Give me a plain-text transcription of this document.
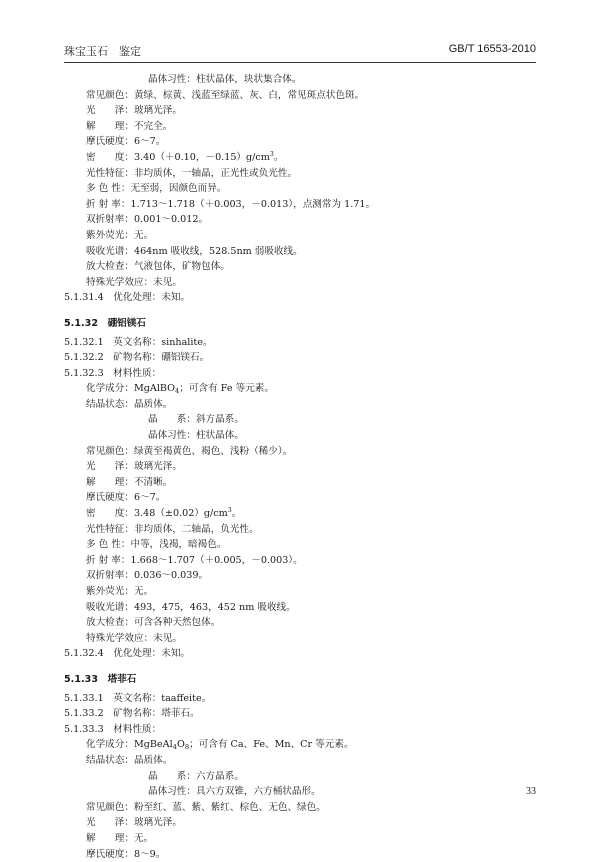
珠宝玉石　鉴定	GB/T 16553-2010
晶体习性：柱状晶体，块状集合体。
常见颜色：黄绿、棕黄、浅蓝至绿蓝、灰、白，常见斑点状色斑。
光　　泽：玻璃光泽。
解　　理：不完全。
摩氏硬度：6～7。
密　　度：3.40（＋0.10，$-0.15)g/cm^3$。
光性特征：非均质体，一轴晶，正光性或负光性。
多 色 性：无至弱，因颜色而异。
折 射 率：1.713～1.718（＋0.003，－0.013），点测常为 1.71。
双折射率：0.001～0.012。
紫外荧光：无。
吸收光谱：464nm 吸收线，528.5nm 弱吸收线。
放大检查：气液包体，矿物包体。
特殊光学效应：未见。
5.1.31.4　优化处理：未知。
5.1.32　硼铝镁石
5.1.32.1　英文名称：sinhalite。
5.1.32.2　矿物名称：硼铝镁石。
5.1.32.3　材料性质：
化学成分：MgAlBO$_4$；可含有 Fe 等元素。
结晶状态：晶质体。
晶　　系：斜方晶系。
晶体习性：柱状晶体。
常见颜色：绿黄至褐黄色、褐色、浅粉（稀少）。
光　　泽：玻璃光泽。
解　　理：不清晰。
摩氏硬度：6～7。
密　　度：$3.48(\pm 0.02)g/cm^3$。
光性特征：非均质体，二轴晶，负光性。
多 色 性：中等，浅褐，暗褐色。
折 射 率：1.668～1.707（＋0.005，－0.003）。
双折射率：0.036～0.039。
紫外荧光：无。
吸收光谱：493，475，463，452 nm 吸收线。
放大检查：可含各种天然包体。
特殊光学效应：未见。
5.1.32.4　优化处理：未知。
5.1.33　塔菲石
5.1.33.1　英文名称：taaffeite。
5.1.33.2　矿物名称：塔菲石。
5.1.33.3　材料性质：
化学成分：$MgBeAl_4O_8$；可含有 Ca、Fe、Mn、Cr 等元素。
结晶状态：晶质体。
晶　　系：六方晶系。
晶体习性：具六方双锥，六方桶状晶形。
常见颜色：粉至红、蓝、紫、紫红、棕色、无色、绿色。
光　　泽：玻璃光泽。
解　　理：无。
摩氏硬度：8～9。
33
